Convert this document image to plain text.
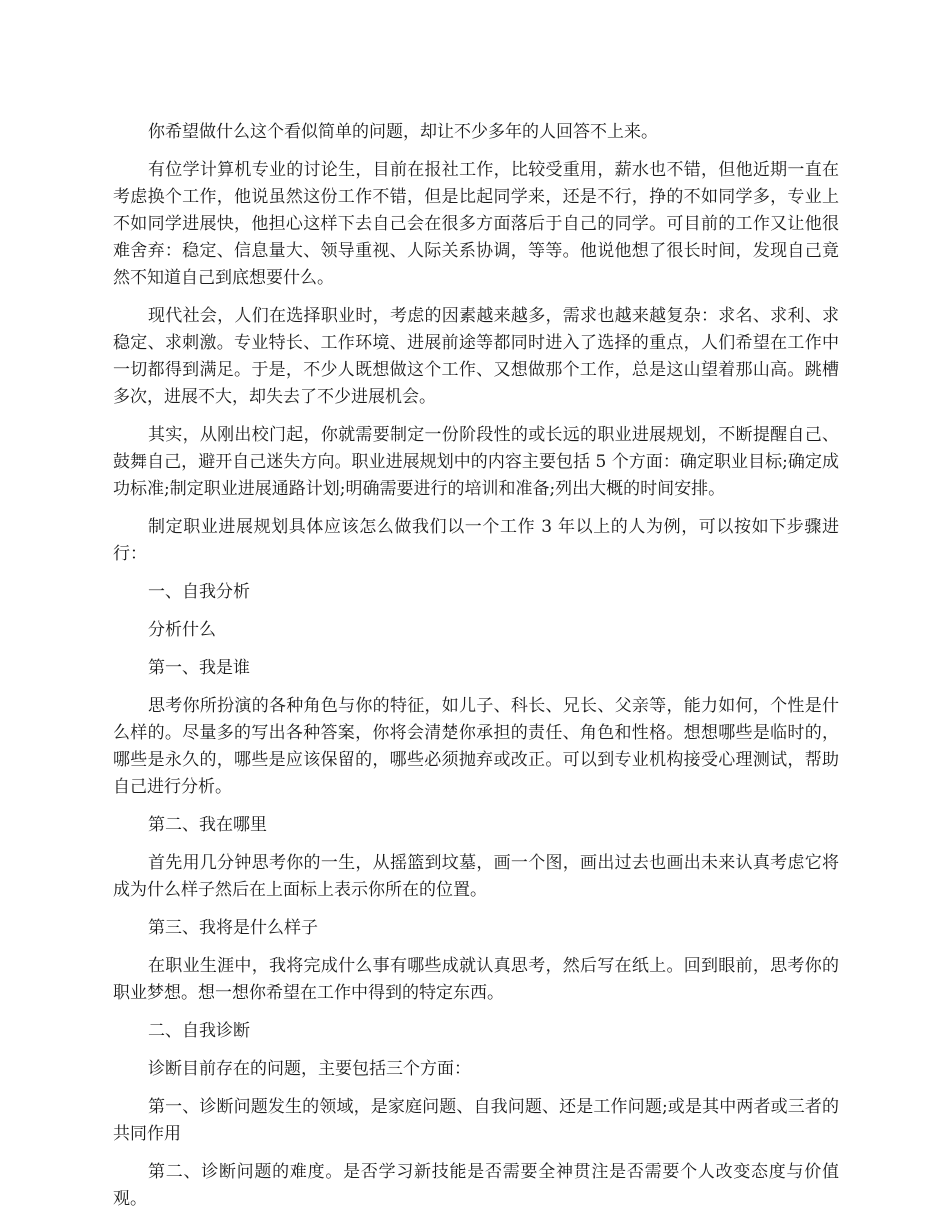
你希望做什么这个看似简单的问题，却让不少多年的人回答不上来。

有位学计算机专业的讨论生，目前在报社工作，比较受重用，薪水也不错，但他近期一直在考虑换个工作，他说虽然这份工作不错，但是比起同学来，还是不行，挣的不如同学多，专业上不如同学进展快，他担心这样下去自己会在很多方面落后于自己的同学。可目前的工作又让他很难舍弃：稳定、信息量大、领导重视、人际关系协调，等等。他说他想了很长时间，发现自己竟然不知道自己到底想要什么。

现代社会，人们在选择职业时，考虑的因素越来越多，需求也越来越复杂：求名、求利、求稳定、求刺激。专业特长、工作环境、进展前途等都同时进入了选择的重点，人们希望在工作中一切都得到满足。于是，不少人既想做这个工作、又想做那个工作，总是这山望着那山高。跳槽多次，进展不大，却失去了不少进展机会。

其实，从刚出校门起，你就需要制定一份阶段性的或长远的职业进展规划，不断提醒自己、鼓舞自己，避开自己迷失方向。职业进展规划中的内容主要包括 5 个方面：确定职业目标;确定成功标准;制定职业进展通路计划;明确需要进行的培训和准备;列出大概的时间安排。

制定职业进展规划具体应该怎么做我们以一个工作 3 年以上的人为例，可以按如下步骤进行：

一、自我分析

分析什么

第一、我是谁

思考你所扮演的各种角色与你的特征，如儿子、科长、兄长、父亲等，能力如何，个性是什么样的。尽量多的写出各种答案，你将会清楚你承担的责任、角色和性格。想想哪些是临时的，哪些是永久的，哪些是应该保留的，哪些必须抛弃或改正。可以到专业机构接受心理测试，帮助自己进行分析。

第二、我在哪里

首先用几分钟思考你的一生，从摇篮到坟墓，画一个图，画出过去也画出未来认真考虑它将成为什么样子然后在上面标上表示你所在的位置。

第三、我将是什么样子

在职业生涯中，我将完成什么事有哪些成就认真思考，然后写在纸上。回到眼前，思考你的职业梦想。想一想你希望在工作中得到的特定东西。

二、自我诊断

诊断目前存在的问题，主要包括三个方面：

第一、诊断问题发生的领域，是家庭问题、自我问题、还是工作问题;或是其中两者或三者的共同作用

第二、诊断问题的难度。是否学习新技能是否需要全神贯注是否需要个人改变态度与价值观。
